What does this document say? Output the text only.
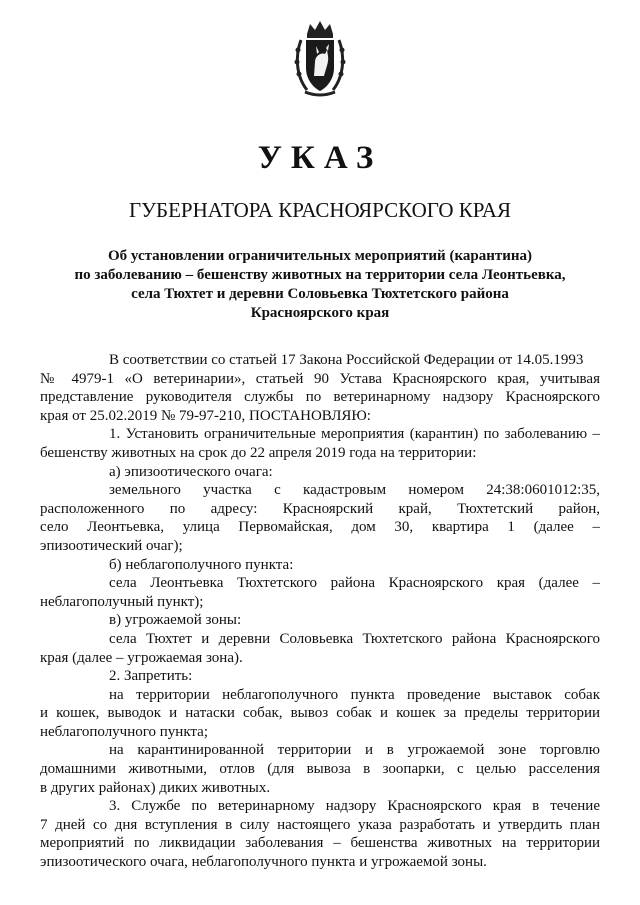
УКАЗ
ГУБЕРНАТОРА КРАСНОЯРСКОГО КРАЯ
Об установлении ограничительных мероприятий (карантина)
по заболеванию – бешенству животных на территории села Леонтьевка,
села Тюхтет и деревни Соловьевка Тюхтетского района
Красноярского края
В соответствии со статьей 17 Закона Российской Федерации от 14.05.1993
№ 4979-1 «О ветеринарии», статьей 90 Устава Красноярского края, учитывая
представление руководителя службы по ветеринарному надзору Красноярского
края от 25.02.2019 № 79-97-210, ПОСТАНОВЛЯЮ:
1. Установить ограничительные мероприятия (карантин) по заболеванию –
бешенству животных на срок до 22 апреля 2019 года на территории:
а) эпизоотического очага:
земельного участка с кадастровым номером 24:38:0601012:35,
расположенного по адресу: Красноярский край, Тюхтетский район,
село Леонтьевка, улица Первомайская, дом 30, квартира 1 (далее –
эпизоотический очаг);
б) неблагополучного пункта:
села Леонтьевка Тюхтетского района Красноярского края (далее –
неблагополучный пункт);
в) угрожаемой зоны:
села Тюхтет и деревни Соловьевка Тюхтетского района Красноярского
края (далее – угрожаемая зона).
2. Запретить:
на территории неблагополучного пункта проведение выставок собак
и кошек, выводок и натаски собак, вывоз собак и кошек за пределы территории
неблагополучного пункта;
на карантинированной территории и в угрожаемой зоне торговлю
домашними животными, отлов (для вывоза в зоопарки, с целью расселения
в других районах) диких животных.
3. Службе по ветеринарному надзору Красноярского края в течение
7 дней со дня вступления в силу настоящего указа разработать и утвердить план
мероприятий по ликвидации заболевания – бешенства животных на территории
эпизоотического очага, неблагополучного пункта и угрожаемой зоны.
